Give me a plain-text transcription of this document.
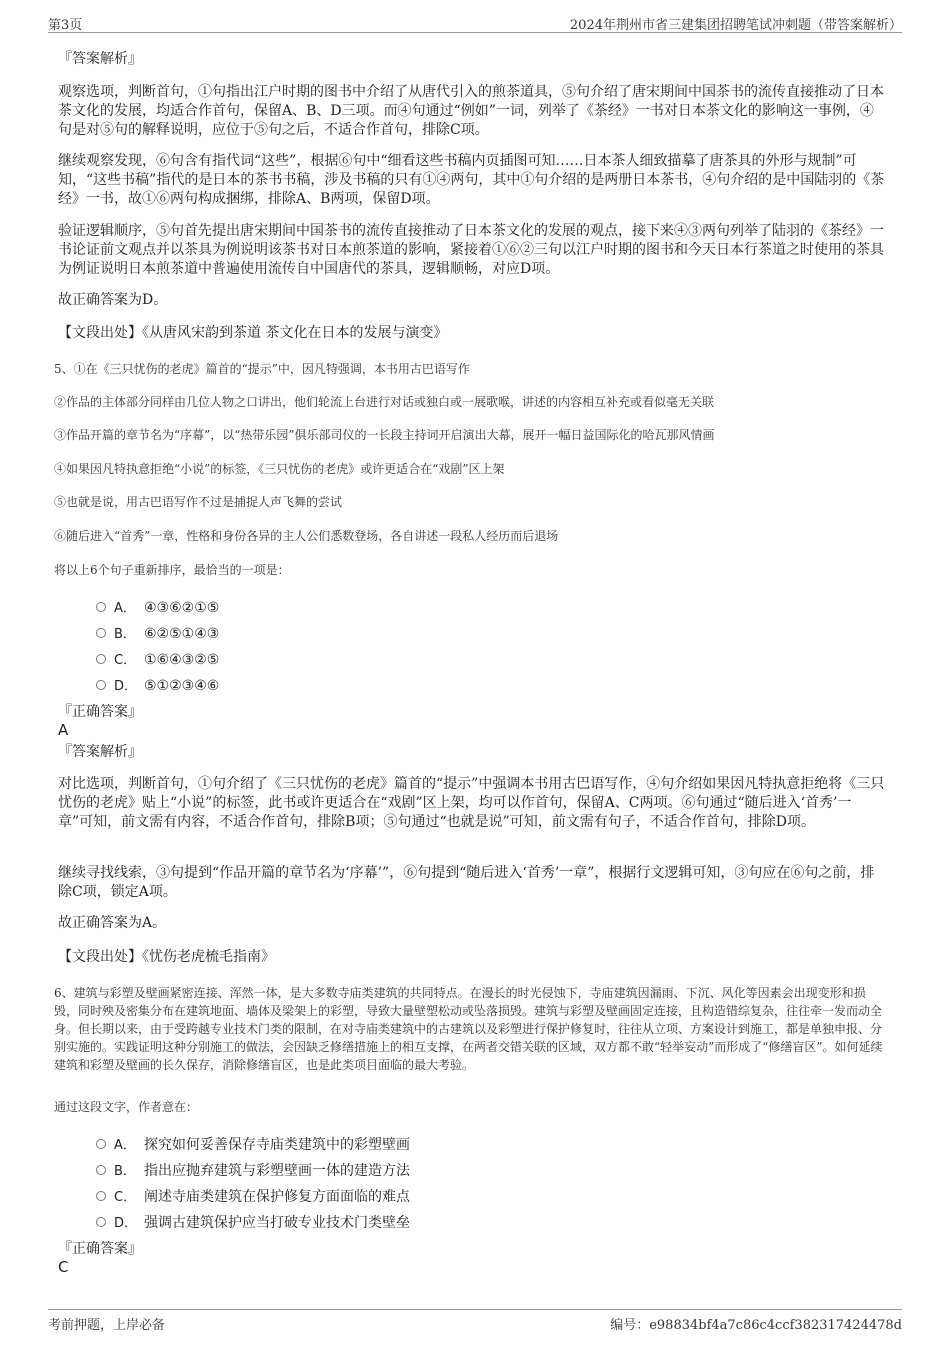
第3页	2024年荆州市省三建集团招聘笔试冲刺题（带答案解析）
『答案解析』
观察选项，判断首句，①句指出江户时期的图书中介绍了从唐代引入的煎茶道具，⑤句介绍了唐宋期间中国茶书的流传直接推动了日本茶文化的发展，均适合作首句，保留A、B、D三项。而④句通过“例如”一词，列举了《茶经》一书对日本茶文化的影响这一事例，④句是对⑤句的解释说明，应位于⑤句之后，不适合作首句，排除C项。
继续观察发现，⑥句含有指代词“这些”，根据⑥句中“细看这些书稿内页插图可知……日本茶人细致描摹了唐茶具的外形与规制”可知，“这些书稿”指代的是日本的茶书书稿，涉及书稿的只有①④两句，其中①句介绍的是两册日本茶书，④句介绍的是中国陆羽的《茶经》一书，故①⑥两句构成捆绑，排除A、B两项，保留D项。
验证逻辑顺序，⑤句首先提出唐宋期间中国茶书的流传直接推动了日本茶文化的发展的观点，接下来④③两句列举了陆羽的《茶经》一书论证前文观点并以茶具为例说明该茶书对日本煎茶道的影响，紧接着①⑥②三句以江户时期的图书和今天日本行茶道之时使用的茶具为例证说明日本煎茶道中普遍使用流传自中国唐代的茶具，逻辑顺畅，对应D项。
故正确答案为D。
【文段出处】《从唐风宋韵到茶道 茶文化在日本的发展与演变》
5、①在《三只忧伤的老虎》篇首的“提示”中，因凡特强调，本书用古巴语写作
②作品的主体部分同样由几位人物之口讲出，他们轮流上台进行对话或独白或一展歌喉，讲述的内容相互补充或看似毫无关联
③作品开篇的章节名为“序幕”，以“热带乐园”俱乐部司仪的一长段主持词开启演出大幕，展开一幅日益国际化的哈瓦那风情画
④如果因凡特执意拒绝“小说”的标签，《三只忧伤的老虎》或许更适合在“戏剧”区上架
⑤也就是说，用古巴语写作不过是捕捉人声飞舞的尝试
⑥随后进入“首秀”一章，性格和身份各异的主人公们悉数登场，各自讲述一段私人经历而后退场
将以上6个句子重新排序，最恰当的一项是：
A． ④③⑥②①⑤
B． ⑥②⑤①④③
C． ①⑥④③②⑤
D． ⑤①②③④⑥
『正确答案』
A
『答案解析』
对比选项，判断首句，①句介绍了《三只忧伤的老虎》篇首的“提示”中强调本书用古巴语写作，④句介绍如果因凡特执意拒绝将《三只忧伤的老虎》贴上“小说”的标签，此书或许更适合在“戏剧”区上架，均可以作首句，保留A、C两项。⑥句通过“随后进入‘首秀’一章”可知，前文需有内容，不适合作首句，排除B项；⑤句通过“也就是说”可知，前文需有句子，不适合作首句，排除D项。
继续寻找线索，③句提到“作品开篇的章节名为‘序幕’”，⑥句提到“随后进入‘首秀’一章”，根据行文逻辑可知，③句应在⑥句之前，排除C项，锁定A项。
故正确答案为A。
【文段出处】《忧伤老虎梳毛指南》
6、建筑与彩塑及壁画紧密连接、浑然一体，是大多数寺庙类建筑的共同特点。在漫长的时光侵蚀下，寺庙建筑因漏雨、下沉、风化等因素会出现变形和损毁，同时殃及密集分布在建筑地面、墙体及梁架上的彩塑，导致大量壁塑松动或坠落损毁。建筑与彩塑及壁画固定连接，且构造错综复杂，往往牵一发而动全身。但长期以来，由于受跨越专业技术门类的限制，在对寺庙类建筑中的古建筑以及彩塑进行保护修复时，往往从立项、方案设计到施工，都是单独申报、分别实施的。实践证明这种分别施工的做法，会因缺乏修缮措施上的相互支撑，在两者交错关联的区域，双方都不敢“轻举妄动”而形成了“修缮盲区”。如何延续建筑和彩塑及壁画的长久保存，消除修缮盲区，也是此类项目面临的最大考验。
通过这段文字，作者意在：
A． 探究如何妥善保存寺庙类建筑中的彩塑壁画
B． 指出应抛弃建筑与彩塑壁画一体的建造方法
C． 阐述寺庙类建筑在保护修复方面面临的难点
D． 强调古建筑保护应当打破专业技术门类壁垒
『正确答案』
C
考前押题，上岸必备	编号：e98834bf4a7c86c4ccf382317424478d
